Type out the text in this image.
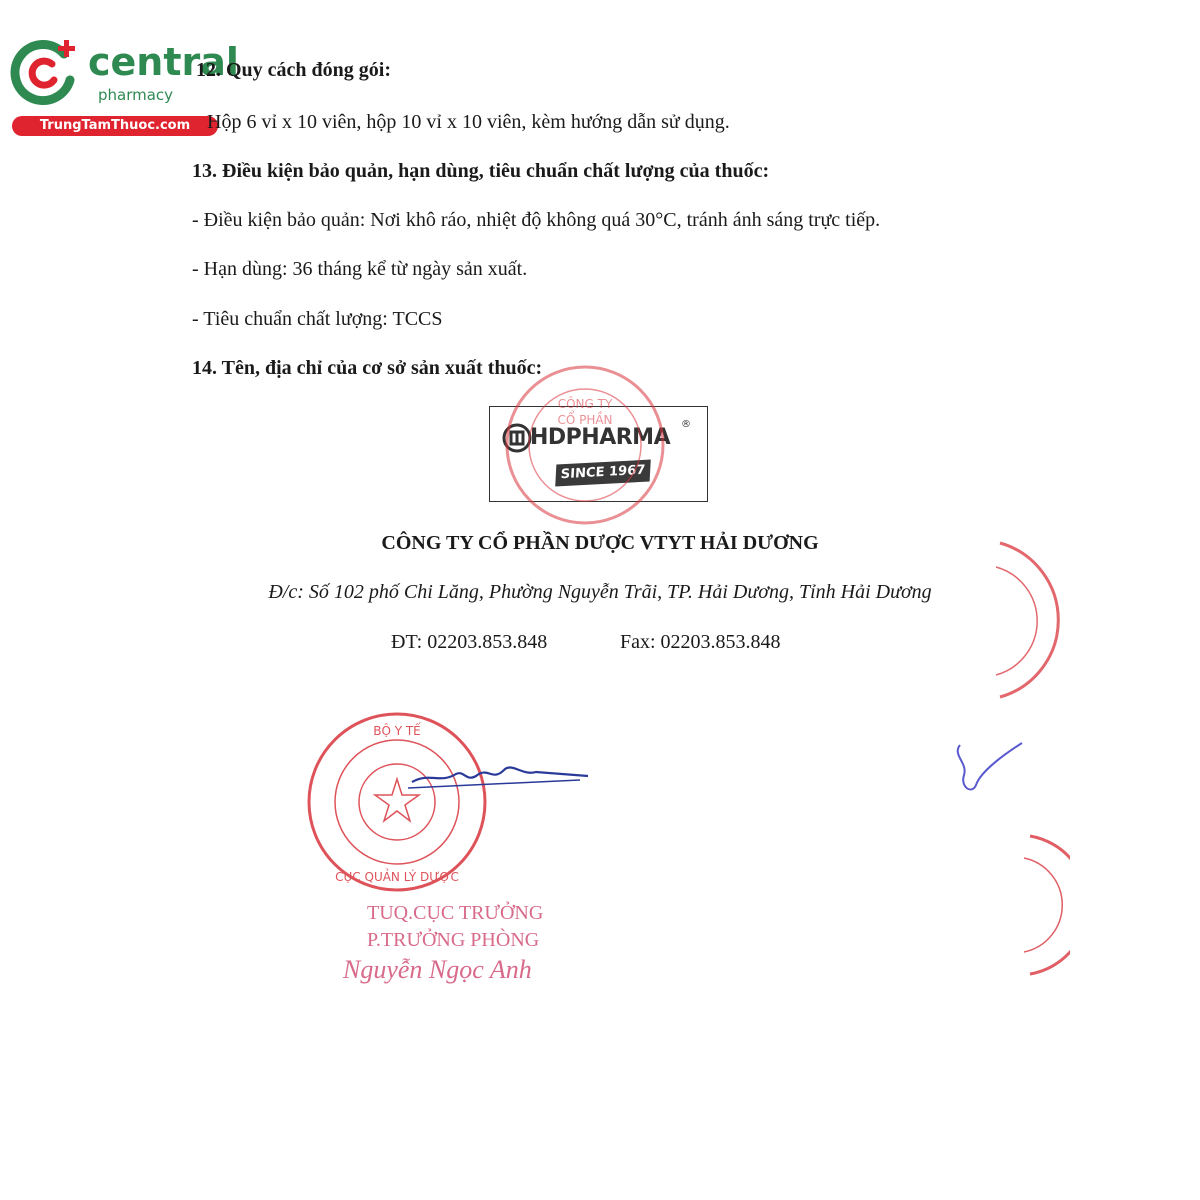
central
pharmacy
TrungTamThuoc.com
12. Quy cách đóng gói:
Hộp 6 vỉ x 10 viên, hộp 10 vỉ x 10 viên, kèm hướng dẫn sử dụng.
13. Điều kiện bảo quản, hạn dùng, tiêu chuẩn chất lượng của thuốc:
- Điều kiện bảo quản: Nơi khô ráo, nhiệt độ không quá 30°C, tránh ánh sáng trực tiếp.
- Hạn dùng: 36 tháng kể từ ngày sản xuất.
- Tiêu chuẩn chất lượng: TCCS
14. Tên, địa chỉ của cơ sở sản xuất thuốc:
HDPHARMA
®
SINCE 1967
CÔNG TY
CỔ PHẦN
CÔNG TY CỔ PHẦN DƯỢC VTYT HẢI DƯƠNG
Đ/c: Số 102 phố Chi Lăng, Phường Nguyễn Trãi, TP. Hải Dương, Tỉnh Hải Dương
ĐT: 02203.853.848	Fax: 02203.853.848
BỘ Y TẾ
CỤC QUẢN LÝ DƯỢC
TUQ.CỤC TRƯỞNG
P.TRƯỞNG PHÒNG
Nguyễn Ngọc Anh
